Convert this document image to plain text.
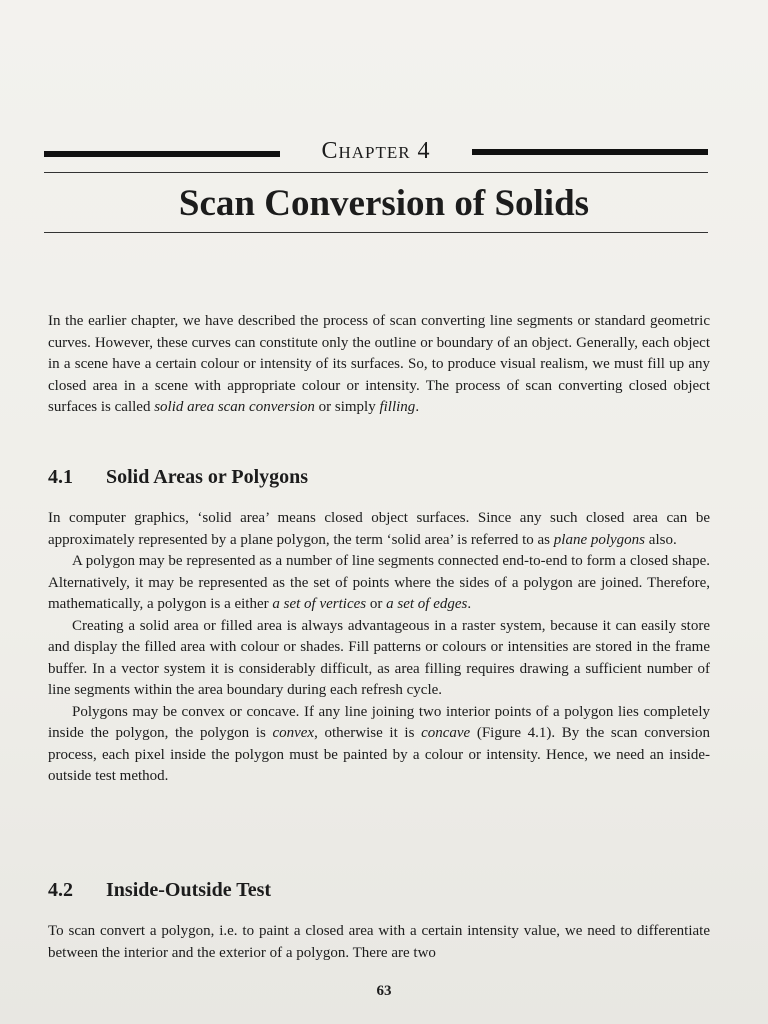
Chapter 4
Scan Conversion of Solids

In the earlier chapter, we have described the process of scan converting line segments or standard geometric curves. However, these curves can constitute only the outline or boundary of an object. Generally, each object in a scene have a certain colour or intensity of its surfaces. So, to produce visual realism, we must fill up any closed area in a scene with appropriate colour or intensity. The process of scan converting closed object surfaces is called solid area scan conversion or simply filling.

4.1 Solid Areas or Polygons

In computer graphics, ‘solid area’ means closed object surfaces. Since any such closed area can be approximately represented by a plane polygon, the term ‘solid area’ is referred to as plane polygons also.

A polygon may be represented as a number of line segments connected end-to-end to form a closed shape. Alternatively, it may be represented as the set of points where the sides of a polygon are joined. Therefore, mathematically, a polygon is a either a set of vertices or a set of edges.

Creating a solid area or filled area is always advantageous in a raster system, because it can easily store and display the filled area with colour or shades. Fill patterns or colours or intensities are stored in the frame buffer. In a vector system it is considerably difficult, as area filling requires drawing a sufficient number of line segments within the area boundary during each refresh cycle.

Polygons may be convex or concave. If any line joining two interior points of a polygon lies completely inside the polygon, the polygon is convex, otherwise it is concave (Figure 4.1). By the scan conversion process, each pixel inside the polygon must be painted by a colour or intensity. Hence, we need an inside-outside test method.

4.2 Inside-Outside Test

To scan convert a polygon, i.e. to paint a closed area with a certain intensity value, we need to differentiate between the interior and the exterior of a polygon. There are two

63
